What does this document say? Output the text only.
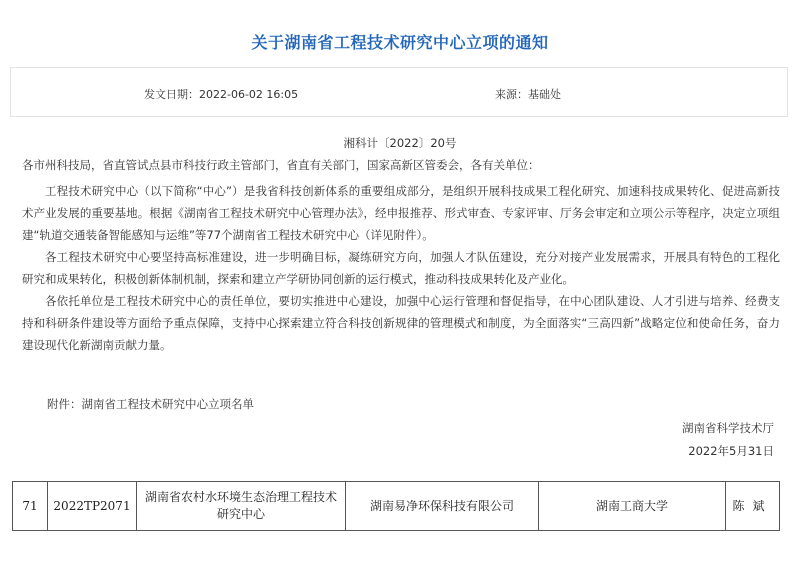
关于湖南省工程技术研究中心立项的通知
发文日期：2022-06-02 16:05	来源：基础处
湘科计〔2022〕20号
各市州科技局，省直管试点县市科技行政主管部门，省直有关部门，国家高新区管委会，各有关单位：

工程技术研究中心（以下简称“中心”）是我省科技创新体系的重要组成部分，是组织开展科技成果工程化研究、加速科技成果转化、促进高新技术产业发展的重要基地。根据《湖南省工程技术研究中心管理办法》，经申报推荐、形式审查、专家评审、厅务会审定和立项公示等程序，决定立项组建“轨道交通装备智能感知与运维”等77个湖南省工程技术研究中心（详见附件）。

各工程技术研究中心要坚持高标准建设，进一步明确目标，凝练研究方向，加强人才队伍建设，充分对接产业发展需求，开展具有特色的工程化研究和成果转化，积极创新体制机制，探索和建立产学研协同创新的运行模式，推动科技成果转化及产业化。

各依托单位是工程技术研究中心的责任单位，要切实推进中心建设，加强中心运行管理和督促指导，在中心团队建设、人才引进与培养、经费支持和科研条件建设等方面给予重点保障，支持中心探索建立符合科技创新规律的管理模式和制度，为全面落实“三高四新”战略定位和使命任务，奋力建设现代化新湖南贡献力量。

附件：湖南省工程技术研究中心立项名单
湖南省科学技术厅
2022年5月31日
71	2022TP2071	湖南省农村水环境生态治理工程技术研究中心	湖南易净环保科技有限公司	湖南工商大学	陈斌
